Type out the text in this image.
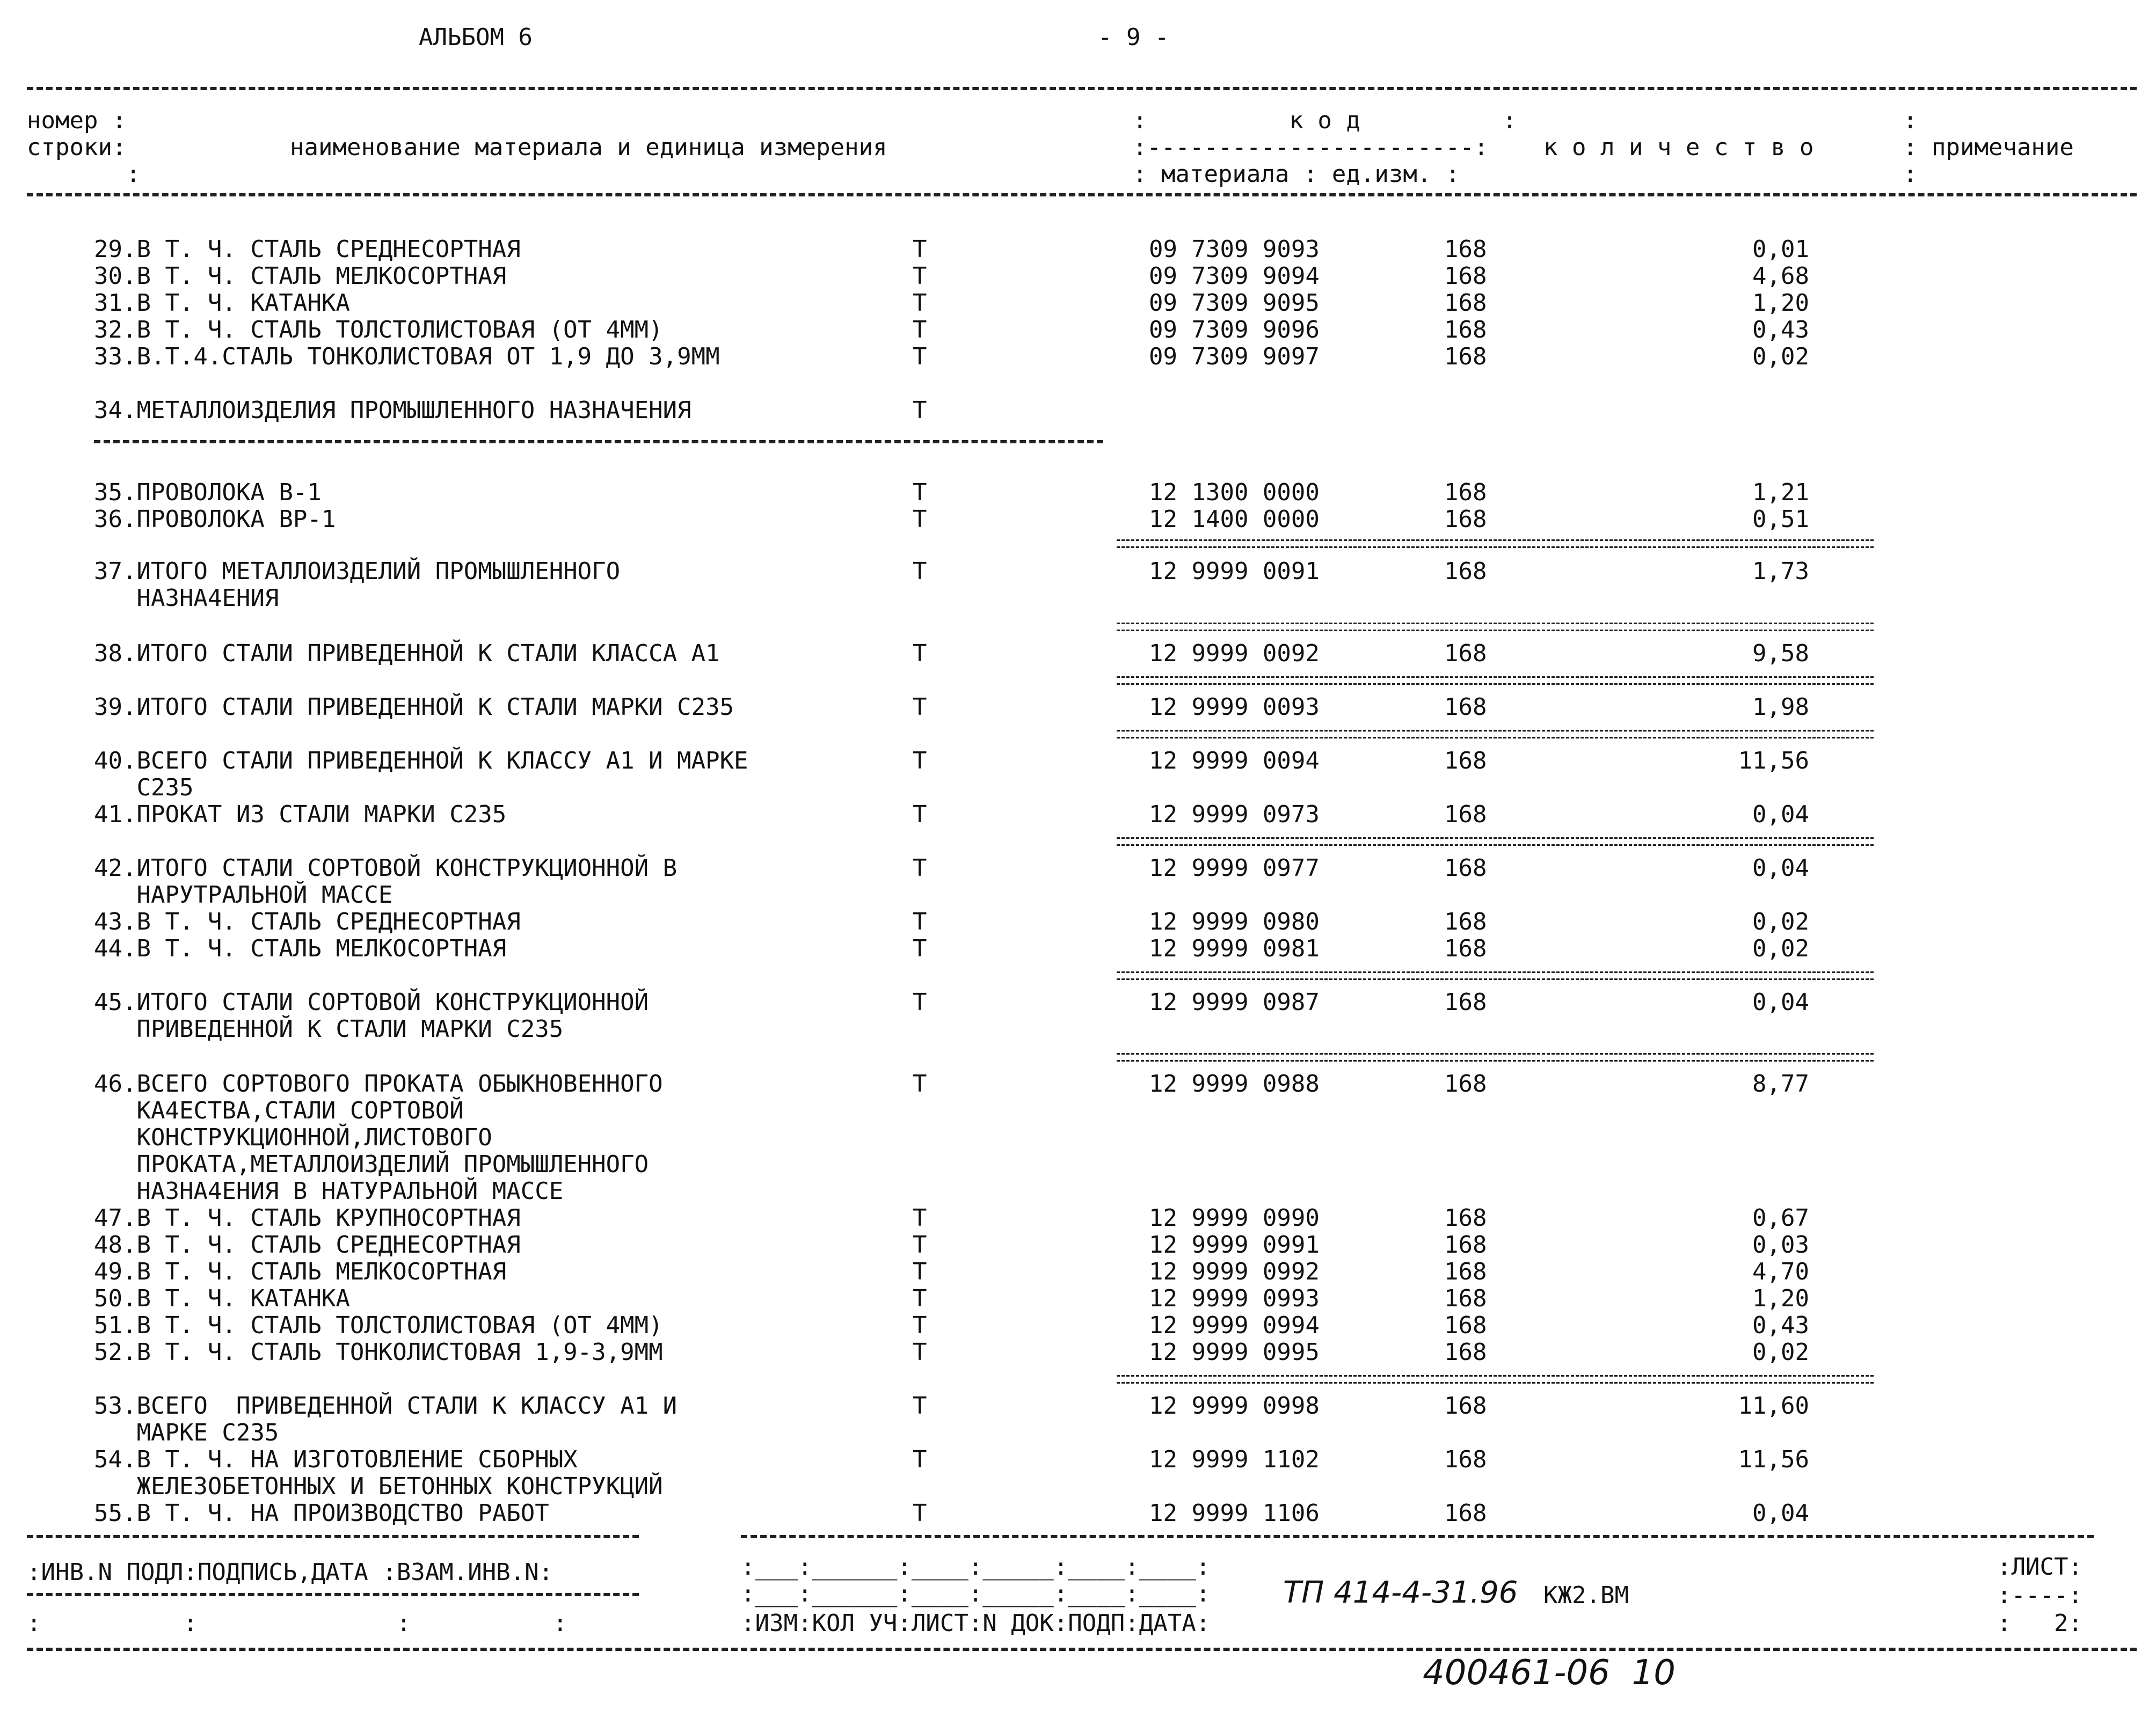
АЛЬБОМ 6	- 9 -
номер :
строки:
:
наименование материала и единица измерения
:          к о д          :
:-----------------------:
: материала : ед.изм. :
к о л и ч е с т в о
:
: примечание
:
29.В Т. Ч. СТАЛЬ СРЕДНЕСОРТНАЯ	Т	09 7309 9093	168	0,01
30.В Т. Ч. СТАЛЬ МЕЛКОСОРТНАЯ	Т	09 7309 9094	168	4,68
31.В Т. Ч. КАТАНКА	Т	09 7309 9095	168	1,20
32.В Т. Ч. СТАЛЬ ТОЛСТОЛИСТОВАЯ (ОТ 4ММ)	Т	09 7309 9096	168	0,43
33.В.Т.4.СТАЛЬ ТОНКОЛИСТОВАЯ ОТ 1,9 ДО 3,9ММ	Т	09 7309 9097	168	0,02
34.МЕТАЛЛОИЗДЕЛИЯ ПРОМЫШЛЕННОГО НАЗНАЧЕНИЯ	Т
35.ПРОВОЛОКА В-1	Т	12 1300 0000	168	1,21
36.ПРОВОЛОКА ВР-1	Т	12 1400 0000	168	0,51
37.ИТОГО МЕТАЛЛОИЗДЕЛИЙ ПРОМЫШЛЕННОГО
НАЗНА4ЕНИЯ
Т	12 9999 0091	168	1,73
38.ИТОГО СТАЛИ ПРИВЕДЕННОЙ К СТАЛИ КЛАССА А1	Т	12 9999 0092	168	9,58
39.ИТОГО СТАЛИ ПРИВЕДЕННОЙ К СТАЛИ МАРКИ С235	Т	12 9999 0093	168	1,98
40.ВСЕГО СТАЛИ ПРИВЕДЕННОЙ К КЛАССУ А1 И МАРКЕ
С235
Т	12 9999 0094	168	11,56
41.ПРОКАТ ИЗ СТАЛИ МАРКИ С235	Т	12 9999 0973	168	0,04
42.ИТОГО СТАЛИ СОРТОВОЙ КОНСТРУКЦИОННОЙ В
НАРУТРАЛЬНОЙ МАССЕ
Т	12 9999 0977	168	0,04
43.В Т. Ч. СТАЛЬ СРЕДНЕСОРТНАЯ	Т	12 9999 0980	168	0,02
44.В Т. Ч. СТАЛЬ МЕЛКОСОРТНАЯ	Т	12 9999 0981	168	0,02
45.ИТОГО СТАЛИ СОРТОВОЙ КОНСТРУКЦИОННОЙ
ПРИВЕДЕННОЙ К СТАЛИ МАРКИ С235
Т	12 9999 0987	168	0,04
46.ВСЕГО СОРТОВОГО ПРОКАТА ОБЫКНОВЕННОГО
КА4ЕСТВА,СТАЛИ СОРТОВОЙ
КОНСТРУКЦИОННОЙ,ЛИСТОВОГО
ПРОКАТА,МЕТАЛЛОИЗДЕЛИЙ ПРОМЫШЛЕННОГО
НАЗНА4ЕНИЯ В НАТУРАЛЬНОЙ МАССЕ
Т	12 9999 0988	168	8,77
47.В Т. Ч. СТАЛЬ КРУПНОСОРТНАЯ	Т	12 9999 0990	168	0,67
48.В Т. Ч. СТАЛЬ СРЕДНЕСОРТНАЯ	Т	12 9999 0991	168	0,03
49.В Т. Ч. СТАЛЬ МЕЛКОСОРТНАЯ	Т	12 9999 0992	168	4,70
50.В Т. Ч. КАТАНКА	Т	12 9999 0993	168	1,20
51.В Т. Ч. СТАЛЬ ТОЛСТОЛИСТОВАЯ (ОТ 4ММ)	Т	12 9999 0994	168	0,43
52.В Т. Ч. СТАЛЬ ТОНКОЛИСТОВАЯ 1,9-3,9ММ	Т	12 9999 0995	168	0,02
53.ВСЕГО  ПРИВЕДЕННОЙ СТАЛИ К КЛАССУ А1 И
МАРКЕ С235
Т	12 9999 0998	168	11,60
54.В Т. Ч. НА ИЗГОТОВЛЕНИЕ СБОРНЫХ
ЖЕЛЕЗОБЕТОННЫХ И БЕТОННЫХ КОНСТРУКЦИЙ
Т	12 9999 1102	168	11,56
55.В Т. Ч. НА ПРОИЗВОДСТВО РАБОТ	Т	12 9999 1106	168	0,04
:ИНВ.N ПОДЛ:ПОДПИСЬ,ДАТА :ВЗАМ.ИНВ.N:
:          :              :          :
:___:______:____:_____:____:____:
:___:______:____:_____:____:____:
:ИЗМ:КОЛ УЧ:ЛИСТ:N ДОК:ПОДП:ДАТА:
ТП 414-4-31.96 КЖ2.ВМ
:ЛИСТ:
:----:
:   2:
400461-06  10
